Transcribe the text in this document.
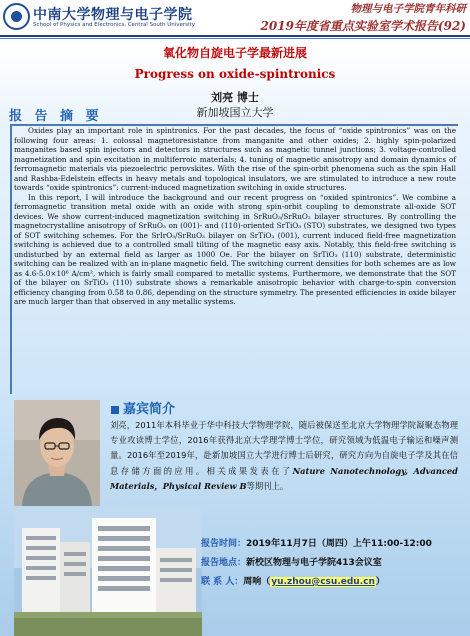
中南大学物理与电子学院
School of Physics and Electronics, Central South University
物理与电子学院青年科研
2019年度省重点实验室学术报告(92)
氧化物自旋电子学最新进展
Progress on oxide-spintronics
刘亮 博士
新加坡国立大学
报 告 摘 要

Oxides play an important role in spintronics. For the past decades, the focus of “oxide spintronics” was on the following four areas: 1. colossal magnetoresistance from manganite and other oxides; 2. highly spin-polarized manganites based spin injectors and detectors in structures such as magnetic tunnel junctions; 3. voltage-controlled magnetization and spin excitation in multiferroic materials; 4. tuning of magnetic anisotropy and domain dynamics of ferromagnetic materials via piezoelectric perovskites. With the rise of the spin-orbit phenomena such as the spin Hall and Rashba-Edelstein effects in heavy metals and topological insulators, we are stimulated to introduce a new route towards “oxide spintronics”: current-induced magnetization switching in oxide structures.

In this report, I will introduce the background and our recent progress on “oxided spintronics”. We combine a ferromagnetic transition metal oxide with an oxide with strong spin-orbit coupling to demonstrate all-oxide SOT devices. We show current-induced magnetization switching in SrRuO₃/SrRuO₂ bilayer structures. By controlling the magnetocrystalline anisotropy of SrRuO₃ on (001)- and (110)-oriented SrTiO₃ (STO) substrates, we designed two types of SOT switching schemes. For the SrIrO₃/SrRuO₃ bilayer on SrTiO₃ (001), current induced field-free magnetization switching is achieved due to a controlled small tilting of the magnetic easy axis. Notably, this field-free switching is undisturbed by an external field as larger as 1000 Oe. For the bilayer on SrTiO₃ (110) substrate, deterministic switching can be realized with an in-plane magnetic field. The switching current densities for both schemes are as low as 4.6-5.0×10⁶ A/cm², which is fairly small compared to metallic systems. Furthermore, we demonstrate that the SOT of the bilayer on SrTiO₃ (110) substrate shows a remarkable anisotropic behavior with charge-to-spin conversion efficiency changing from 0.58 to 0.86, depending on the structure symmetry. The presented efficiencies in oxide bilayer are much larger than that observed in any metallic systems.

嘉宾简介
刘亮，2011年本科毕业于华中科技大学物理学院，随后被保送至北京大学物理学院凝聚态物理专业攻读博士学位，2016年获得北京大学理学博士学位，研究领域为低温电子输运和噪声测量。2016年至2019年，赴新加坡国立大学进行博士后研究，研究方向为自旋电子学及其在信息存储方面的应用。相关成果发表在了Nature Nanotechnology, Advanced Materials，Physical Review B等期刊上。
报告时间：2019年11月7日（周四）上午11:00-12:00
报告地点：新校区物理与电子学院413会议室
联 系 人：周响（yu.zhou@csu.edu.cn）
